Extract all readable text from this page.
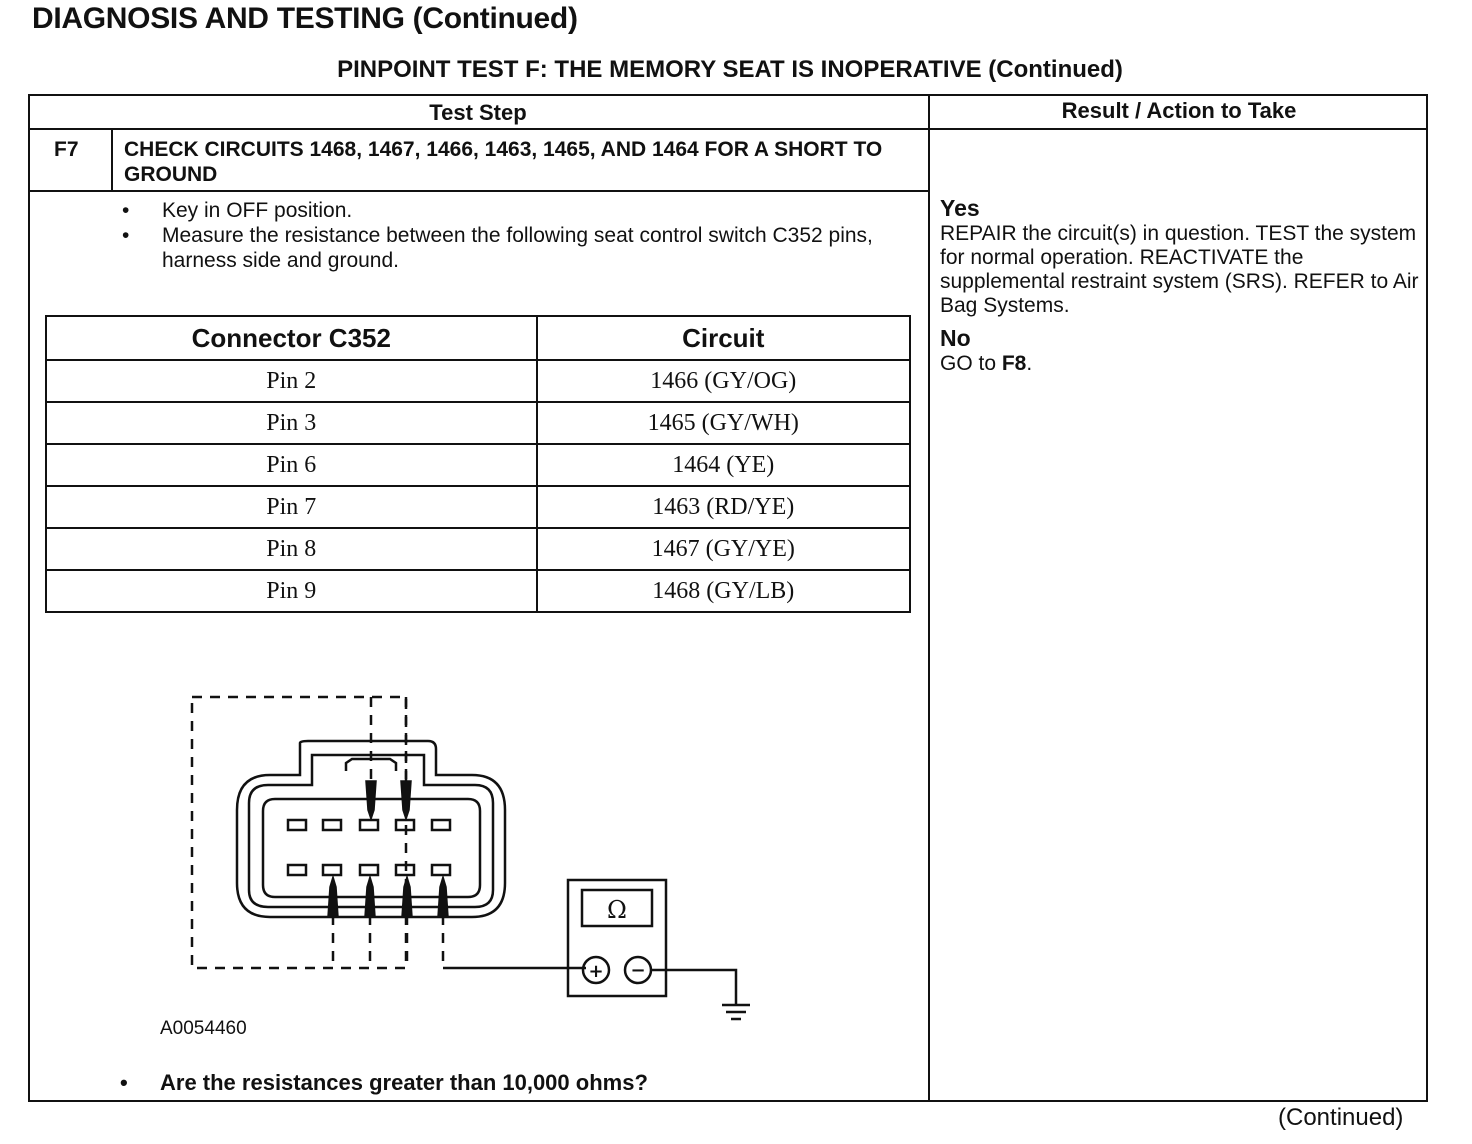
DIAGNOSIS AND TESTING (Continued)
PINPOINT TEST F: THE MEMORY SEAT IS INOPERATIVE (Continued)
Test Step	Result / Action to Take
F7 CHECK CIRCUITS 1468, 1467, 1466, 1463, 1465, AND 1464 FOR A SHORT TO GROUND
• Key in OFF position.
• Measure the resistance between the following seat control switch C352 pins, harness side and ground.
Connector C352	Circuit
Pin 2	1466 (GY/OG)
Pin 3	1465 (GY/WH)
Pin 6	1464 (YE)
Pin 7	1463 (RD/YE)
Pin 8	1467 (GY/YE)
Pin 9	1468 (GY/LB)
Ω
+ −
A0054460
• Are the resistances greater than 10,000 ohms?
Yes

REPAIR the circuit(s) in question. TEST the system for normal operation. REACTIVATE the supplemental restraint system (SRS). REFER to Air Bag Systems.

No

GO to F8.

(Continued)
